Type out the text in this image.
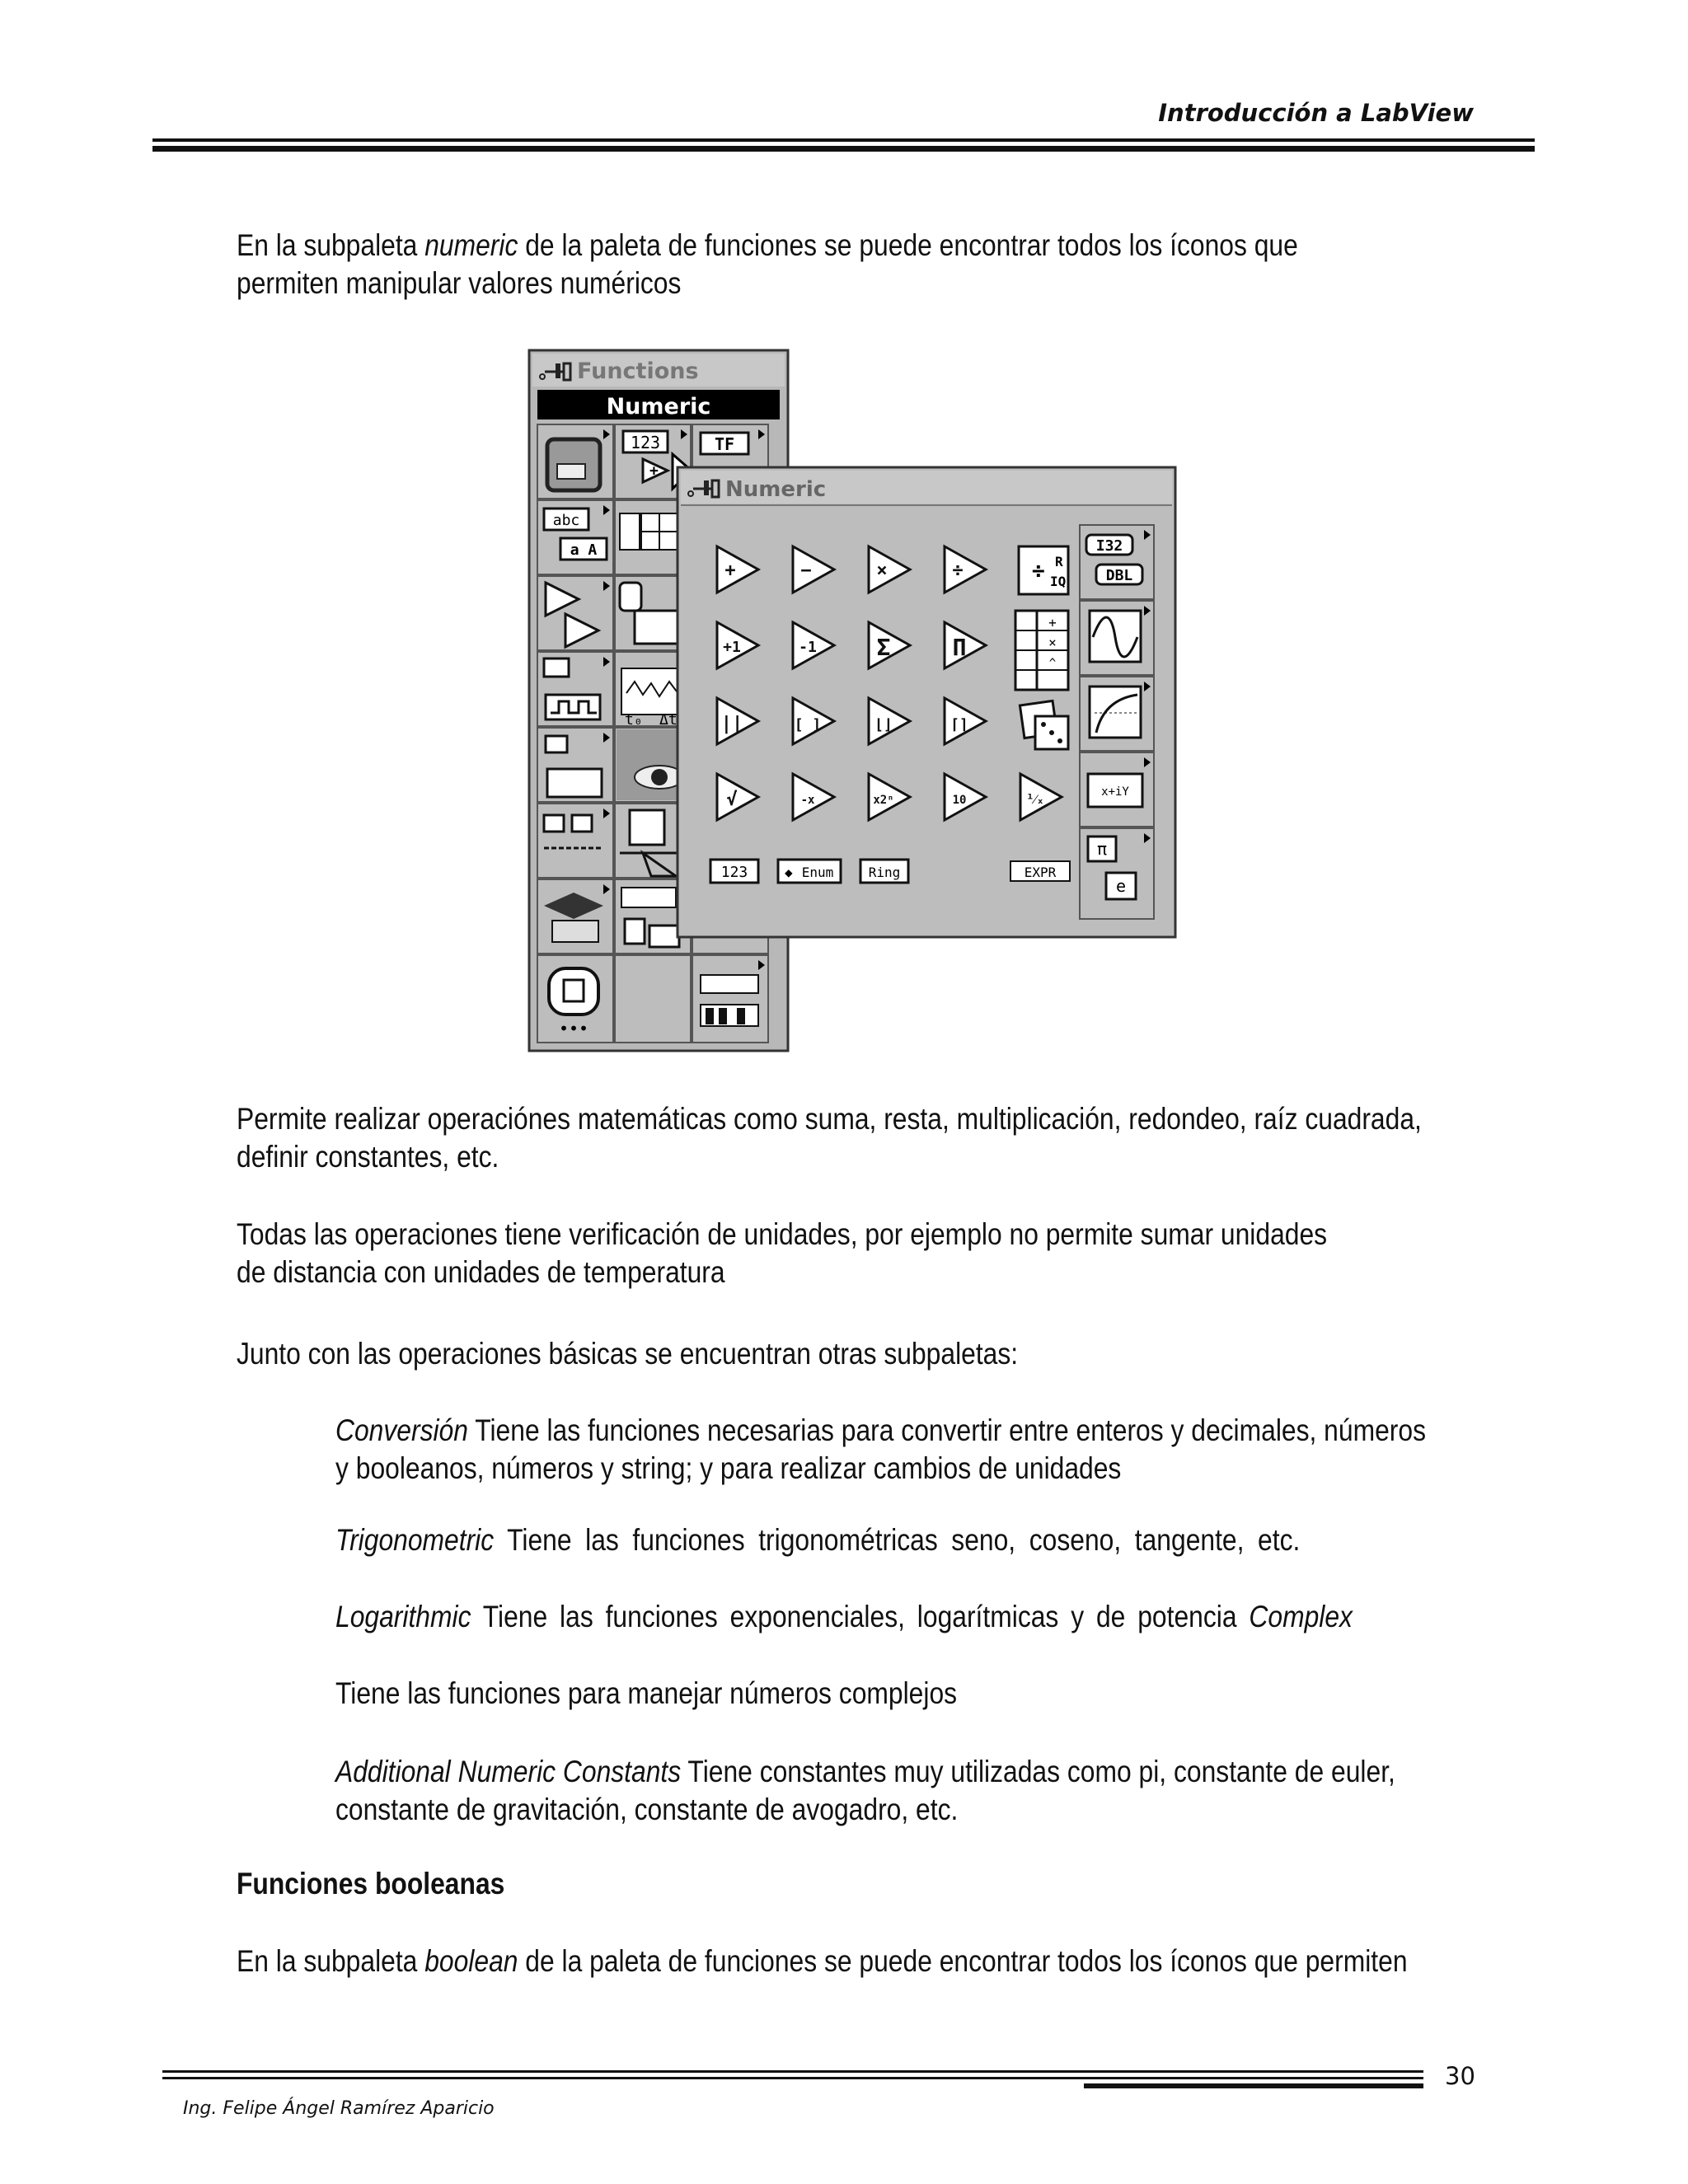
Introducción a LabView
En la subpaleta numeric de la paleta de funciones se puede encontrar todos los íconos que
permiten manipular valores numéricos
Functions
Numeric
123
+
TF
abc
a A
t₀ Δt
•••
Numeric
+	−	×	÷
+1	-1	Σ	Π
||	[ ]	⌊⌋	⌈⌉
√	-x	x2ⁿ	10	¹⁄ₓ
÷ R
IQ
+
×
^
123	◆ Enum	Ring	EXPR
I32
DBL
x+iY
π
e
Permite realizar operaciónes matemáticas como suma, resta, multiplicación, redondeo, raíz cuadrada,
definir constantes, etc.
Todas las operaciones tiene verificación de unidades, por ejemplo no permite sumar unidades
de distancia con unidades de temperatura
Junto con las operaciones básicas se encuentran otras subpaletas:
Conversión Tiene las funciones necesarias para convertir entre enteros y decimales, números
y booleanos, números y string; y para realizar cambios de unidades
Trigonometric Tiene las funciones trigonométricas seno, coseno, tangente, etc.
Logarithmic Tiene las funciones exponenciales, logarítmicas y de potencia Complex
Tiene las funciones para manejar números complejos
Additional Numeric Constants Tiene constantes muy utilizadas como pi, constante de euler,
constante de gravitación, constante de avogadro, etc.
Funciones booleanas
En la subpaleta boolean de la paleta de funciones se puede encontrar todos los íconos que permiten
30
Ing. Felipe Ángel Ramírez Aparicio
